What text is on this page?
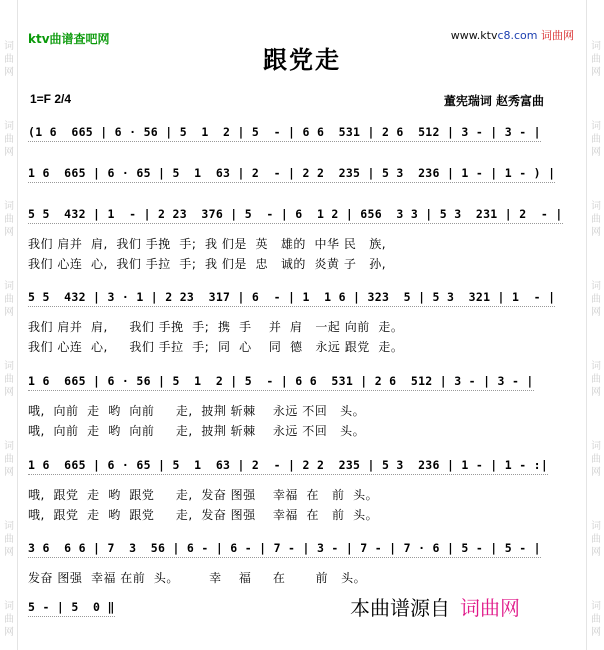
词
曲
网
词
曲
网
词
曲
网
词
曲
网
词
曲
网
词
曲
网
词
曲
网
词
曲
网
词
曲
网
词
曲
网
词
曲
网
词
曲
网
词
曲
网
词
曲
网
词
曲
网
词
曲
网
ktv曲谱查吧网	www.ktvc8.com 词曲网
跟党走
1=F 2/4	董宪瑞词 赵秀富曲
(1 6  665 | 6 · 56 | 5  1  2 | 5  - | 6 6  531 | 2 6  512 | 3 - | 3 - |
1 6  665 | 6 · 65 | 5  1  63 | 2  - | 2 2  235 | 5 3  236 | 1 - | 1 - ) |
5 5  432 | 1  - | 2 23  376 | 5  - | 6  1 2 | 656  3 3 | 5 3  231 | 2  - |
我们 肩并  肩,  我们 手挽  手;  我 们是  英   雄的  中华 民   族,
我们 心连  心,  我们 手拉  手;  我 们是  忠   诚的  炎黄 子   孙,
5 5  432 | 3 · 1 | 2 23  317 | 6  - | 1  1 6 | 323  5 | 5 3  321 | 1  - |
我们 肩并  肩,     我们 手挽  手;  携  手    并  肩   一起 向前  走。
我们 心连  心,     我们 手拉  手;  同  心    同  德   永远 跟党  走。
1 6  665 | 6 · 56 | 5  1  2 | 5  - | 6 6  531 | 2 6  512 | 3 - | 3 - |
哦,  向前  走  哟  向前     走,  披荆 斩棘    永远 不回   头。
哦,  向前  走  哟  向前     走,  披荆 斩棘    永远 不回   头。
1 6  665 | 6 · 65 | 5  1  63 | 2  - | 2 2  235 | 5 3  236 | 1 - | 1 - :|
哦,  跟党  走  哟  跟党     走,  发奋 图强    幸福  在   前  头。
哦,  跟党  走  哟  跟党     走,  发奋 图强    幸福  在   前  头。
3 6  6 6 | 7  3  56 | 6 - | 6 - | 7 - | 3 - | 7 - | 7 · 6 | 5 - | 5 - |
发奋 图强  幸福 在前  头。       幸    福     在       前   头。
5 - | 5  0 ‖	本曲谱源自 词曲网
